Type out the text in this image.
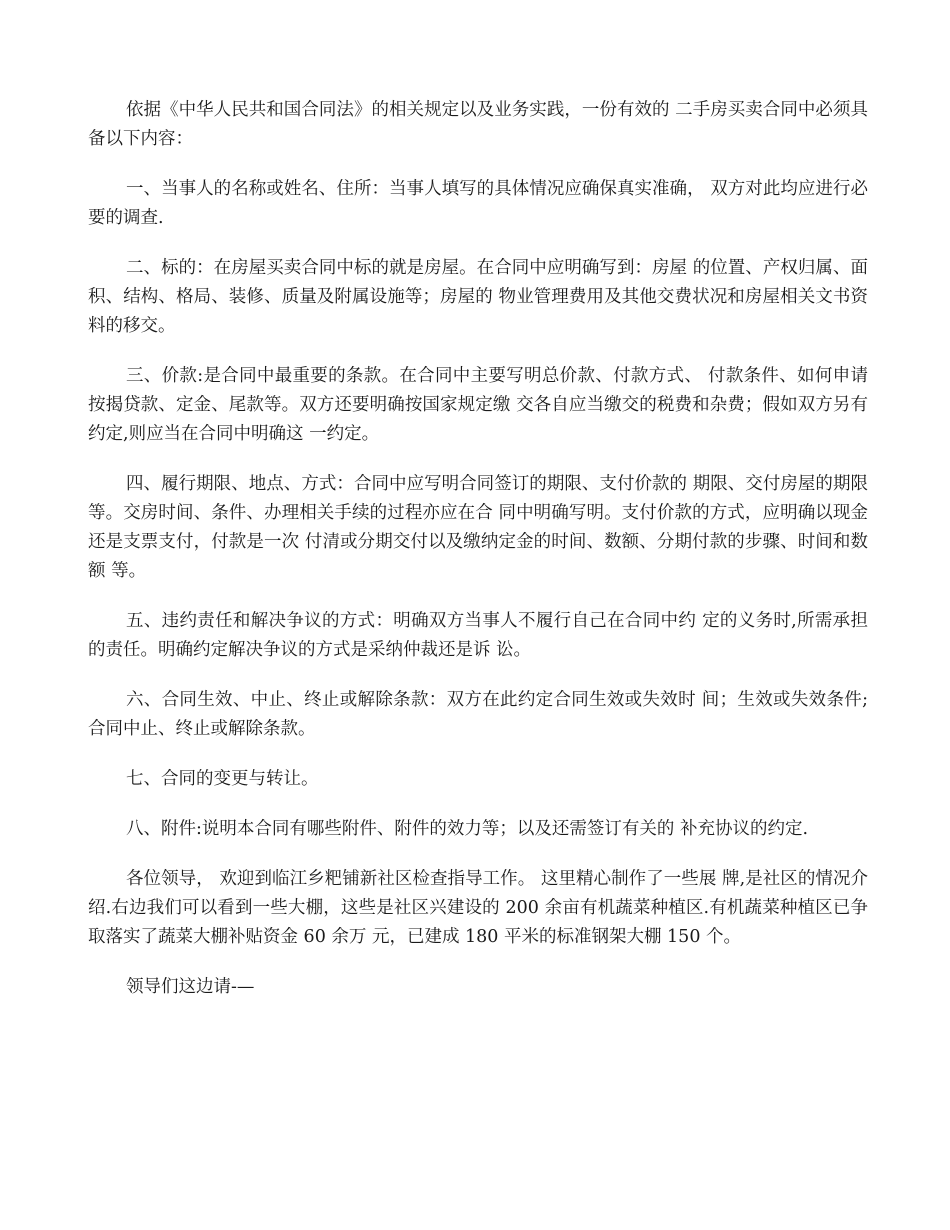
依据《中华人民共和国合同法》的相关规定以及业务实践，一份有效的 二手房买卖合同中必须具备以下内容：

一、当事人的名称或姓名、住所：当事人填写的具体情况应确保真实准确， 双方对此均应进行必要的调查.

二、标的：在房屋买卖合同中标的就是房屋。在合同中应明确写到：房屋 的位置、产权归属、面积、结构、格局、装修、质量及附属设施等；房屋的 物业管理费用及其他交费状况和房屋相关文书资料的移交。

三、价款:是合同中最重要的条款。在合同中主要写明总价款、付款方式、 付款条件、如何申请按揭贷款、定金、尾款等。双方还要明确按国家规定缴 交各自应当缴交的税费和杂费；假如双方另有约定,则应当在合同中明确这 一约定。

四、履行期限、地点、方式：合同中应写明合同签订的期限、支付价款的 期限、交付房屋的期限等。交房时间、条件、办理相关手续的过程亦应在合 同中明确写明。支付价款的方式，应明确以现金还是支票支付，付款是一次 付清或分期交付以及缴纳定金的时间、数额、分期付款的步骤、时间和数额 等。

五、违约责任和解决争议的方式：明确双方当事人不履行自己在合同中约 定的义务时,所需承担的责任。明确约定解决争议的方式是采纳仲裁还是诉 讼。

六、合同生效、中止、终止或解除条款：双方在此约定合同生效或失效时 间；生效或失效条件;合同中止、终止或解除条款。

七、合同的变更与转让。

八、附件:说明本合同有哪些附件、附件的效力等；以及还需签订有关的 补充协议的约定.

各位领导， 欢迎到临江乡粑铺新社区检查指导工作。 这里精心制作了一些展 牌,是社区的情况介绍.右边我们可以看到一些大棚，这些是社区兴建设的 200 余亩有机蔬菜种植区.有机蔬菜种植区已争取落实了蔬菜大棚补贴资金 60 余万 元，已建成 180 平米的标准钢架大棚 150 个。

领导们这边请-—
